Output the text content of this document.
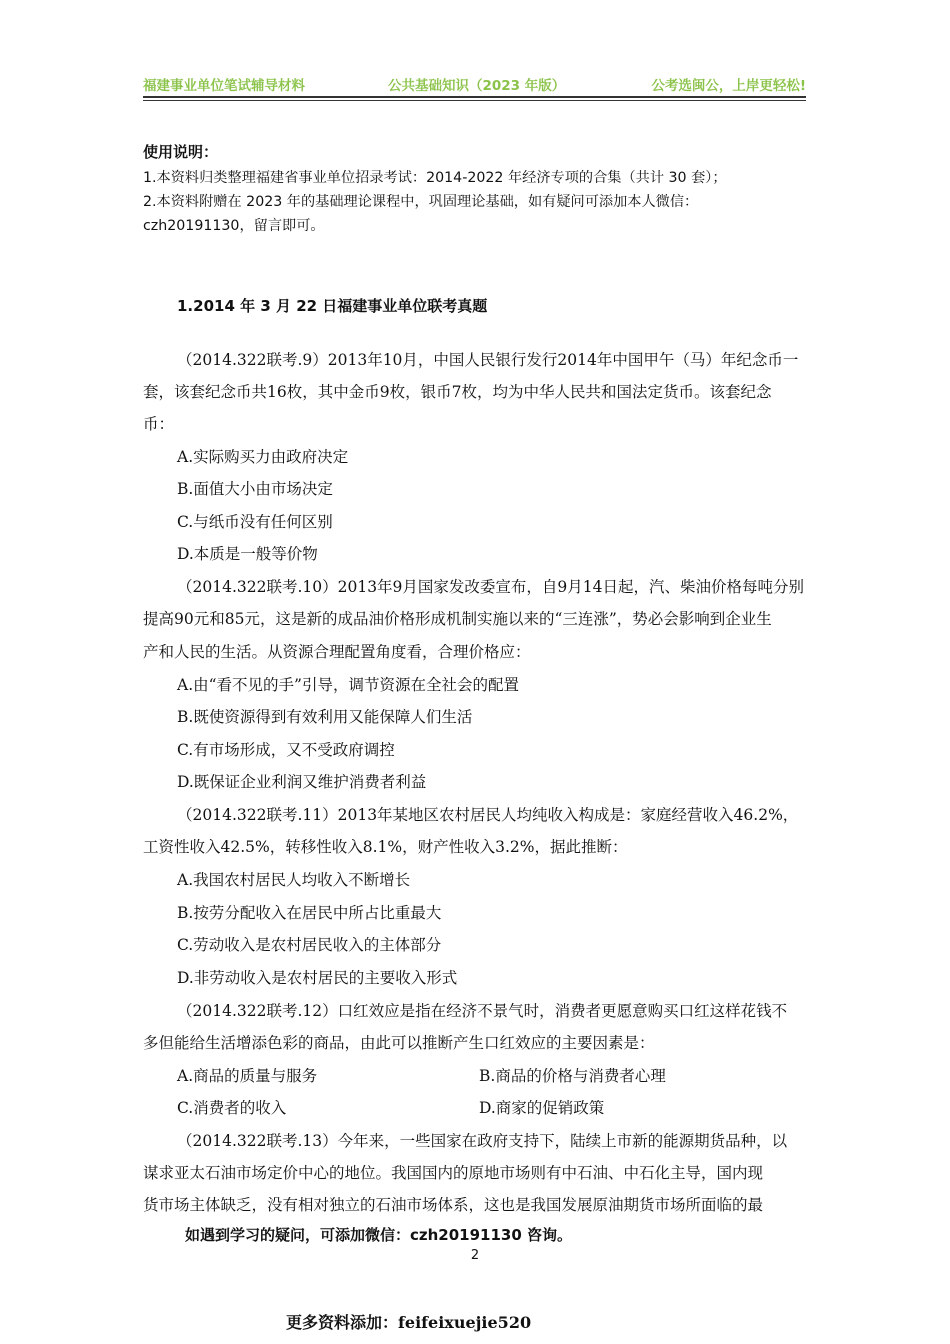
福建事业单位笔试辅导材料	公共基础知识（2023 年版）	公考选闽公，上岸更轻松!
使用说明：
1.本资料归类整理福建省事业单位招录考试：2014-2022 年经济专项的合集（共计 30 套）；
2.本资料附赠在 2023 年的基础理论课程中，巩固理论基础，如有疑问可添加本人微信：
czh20191130，留言即可。
1.2014 年 3 月 22 日福建事业单位联考真题
（2014.322联考.9）2013年10月，中国人民银行发行2014年中国甲午（马）年纪念币一
套，该套纪念币共16枚，其中金币9枚，银币7枚，均为中华人民共和国法定货币。该套纪念
币：
A.实际购买力由政府决定
B.面值大小由市场决定
C.与纸币没有任何区别
D.本质是一般等价物
（2014.322联考.10）2013年9月国家发改委宣布，自9月14日起，汽、柴油价格每吨分别
提高90元和85元，这是新的成品油价格形成机制实施以来的“三连涨”，势必会影响到企业生
产和人民的生活。从资源合理配置角度看，合理价格应：
A.由“看不见的手”引导，调节资源在全社会的配置
B.既使资源得到有效利用又能保障人们生活
C.有市场形成，又不受政府调控
D.既保证企业利润又维护消费者利益
（2014.322联考.11）2013年某地区农村居民人均纯收入构成是：家庭经营收入46.2%，
工资性收入42.5%，转移性收入8.1%，财产性收入3.2%，据此推断：
A.我国农村居民人均收入不断增长
B.按劳分配收入在居民中所占比重最大
C.劳动收入是农村居民收入的主体部分
D.非劳动收入是农村居民的主要收入形式
（2014.322联考.12）口红效应是指在经济不景气时，消费者更愿意购买口红这样花钱不
多但能给生活增添色彩的商品，由此可以推断产生口红效应的主要因素是：
A.商品的质量与服务	B.商品的价格与消费者心理
C.消费者的收入	D.商家的促销政策
（2014.322联考.13）今年来，一些国家在政府支持下，陆续上市新的能源期货品种，以
谋求亚太石油市场定价中心的地位。我国国内的原地市场则有中石油、中石化主导，国内现
货市场主体缺乏，没有相对独立的石油市场体系，这也是我国发展原油期货市场所面临的最
如遇到学习的疑问，可添加微信：czh20191130 咨询。
2
更多资料添加：feifeixuejie520
